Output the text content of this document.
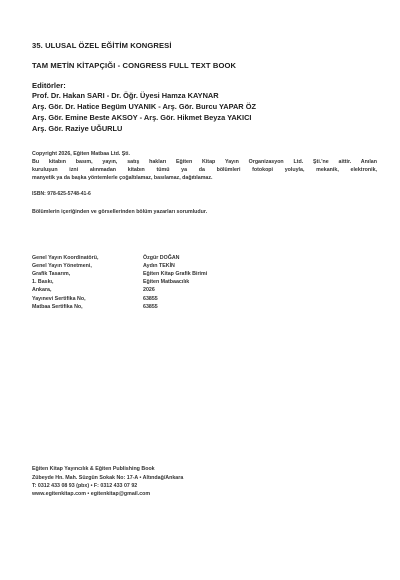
35. ULUSAL ÖZEL EĞİTİM KONGRESİ
TAM METİN KİTAPÇIĞI - CONGRESS FULL TEXT BOOK
Editörler:
Prof. Dr. Hakan SARI - Dr. Öğr. Üyesi Hamza KAYNAR
Arş. Gör. Dr. Hatice Begüm UYANIK - Arş. Gör. Burcu YAPAR ÖZ
Arş. Gör. Emine Beste AKSOY - Arş. Gör. Hikmet Beyza YAKICI
Arş. Gör. Raziye UĞURLU
Copyright 2026, Eğiten Matbaa Ltd. Şti.
Bu kitabın basım, yayın, satış hakları Eğiten Kitap Yayın Organizasyon Ltd. Şti.'ne aittir. Anılan
kuruluşun izni alınmadan kitabın tümü ya da bölümleri fotokopi yoluyla, mekanik, elektronik,
manyetik ya da başka yöntemlerle çoğaltılamaz, basılamaz, dağıtılamaz.
ISBN: 978-625-5748-41-6
Bölümlerin içeriğinden ve görsellerinden bölüm yazarları sorumludur.
Genel Yayın Koordinatörü,	Özgür DOĞAN
Genel Yayın Yönetmeni,	Aydın TEKİN
Grafik Tasarım,	Eğiten Kitap Grafik Birimi
1. Baskı,	Eğiten Matbaacılık
Ankara,	2026
Yayınevi Sertifika No,	63855
Matbaa Sertifika No,	63855
Eğiten Kitap Yayıncılık & Eğiten Publishing Book
Zübeyde Hn. Mah. Süzgün Sokak No: 17-A • Altındağ/Ankara
T: 0312 433 08 93 (pbx) • F: 0312 433 07 92
www.egitenkitap.com • egitenkitap@gmail.com
